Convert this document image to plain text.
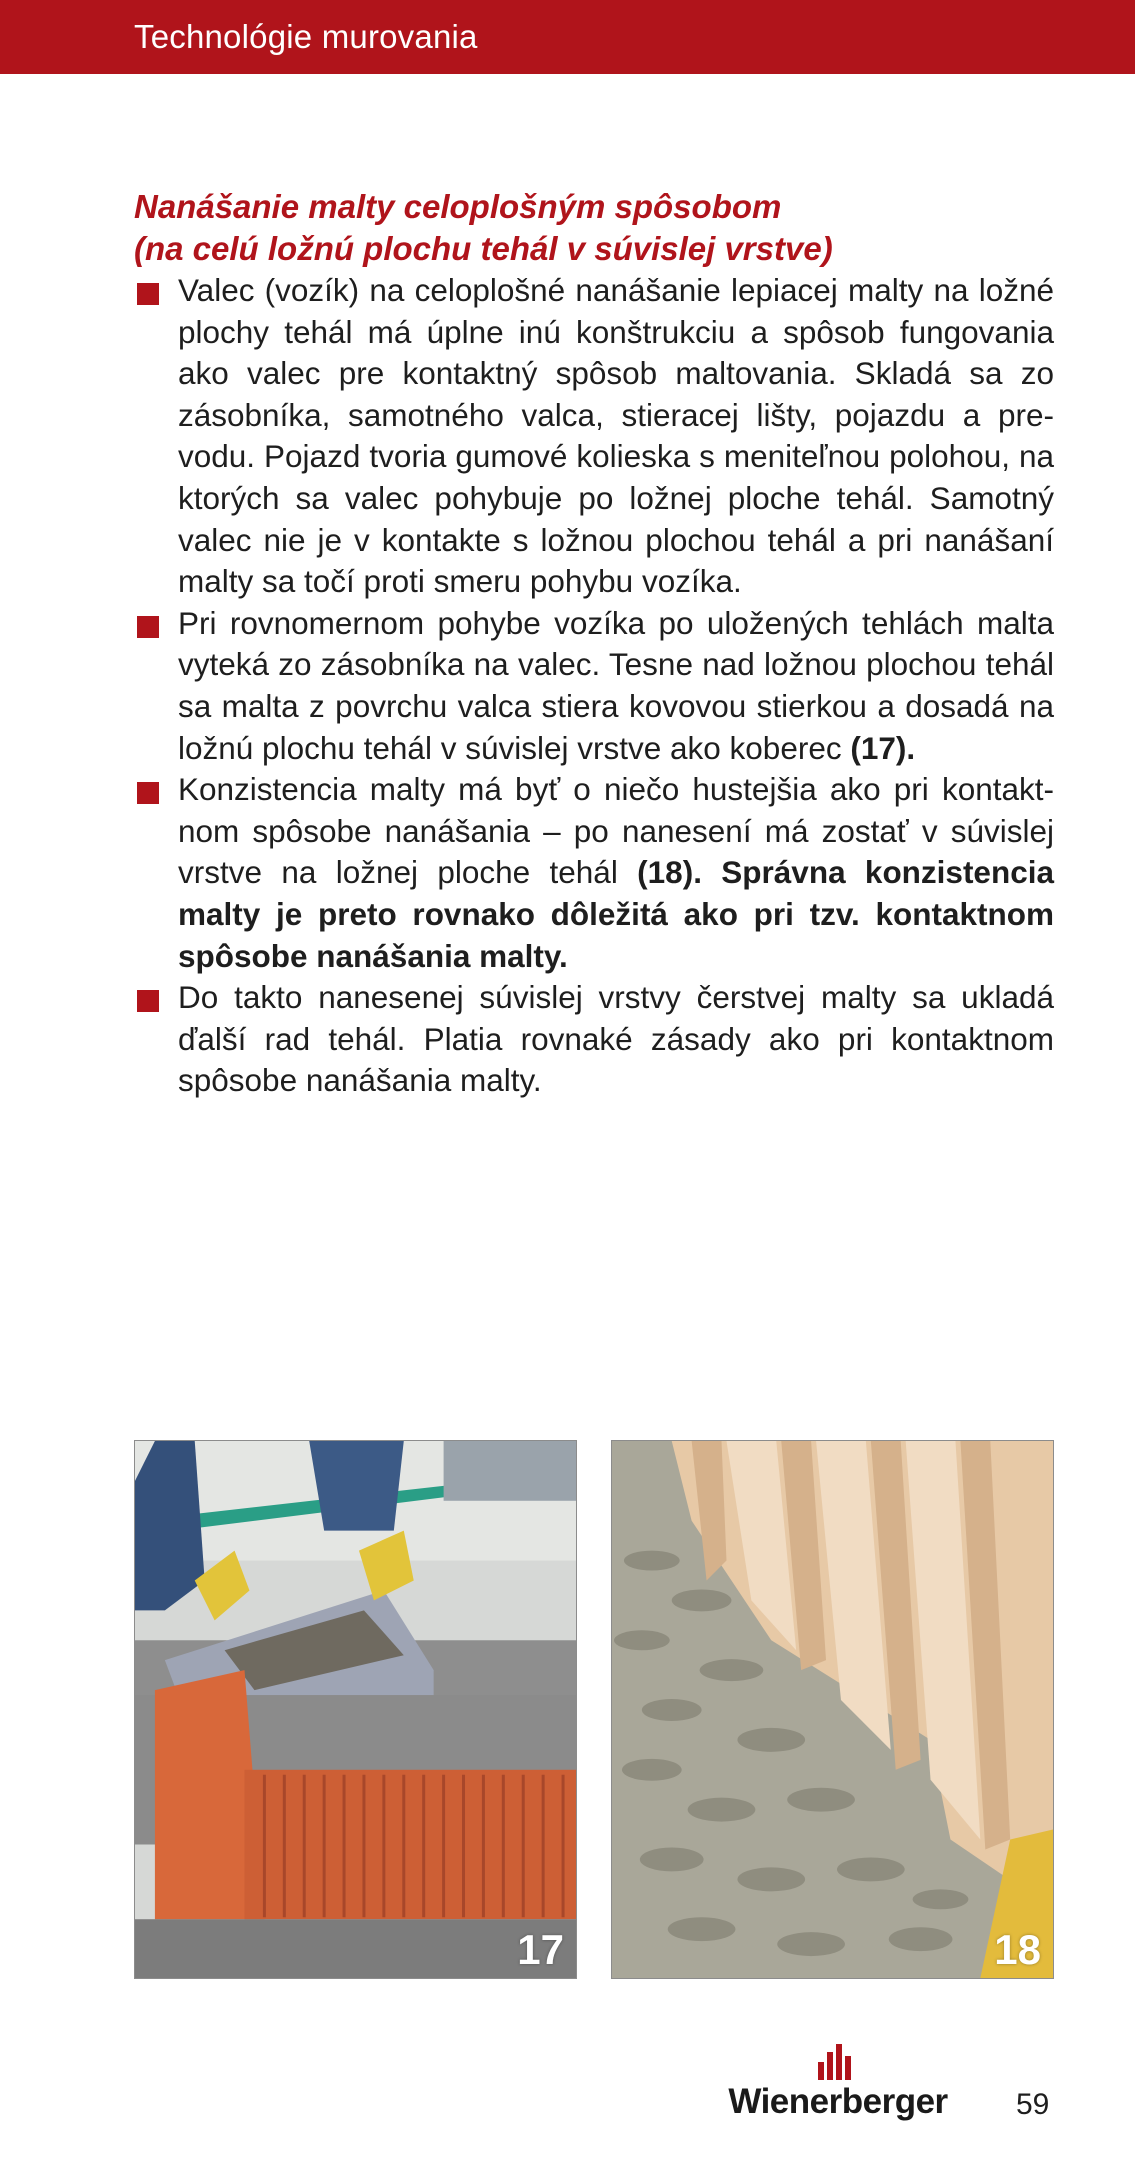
Technológie murovania
Nanášanie malty celoplošným spôsobom
(na celú ložnú plochu tehál v súvislej vrstve)
Valec (vozík) na celoplošné nanášanie lepiacej malty na ložné plochy tehál má úplne inú konštrukciu a spôsob fungovania ako valec pre kontaktný spôsob maltovania. Skladá sa zo zásobníka, samotného valca, stieracej lišty, pojazdu a prevodu. Pojazd tvoria gumové kolieska s meniteľnou polohou, na ktorých sa valec pohybuje po ložnej ploche tehál. Samotný valec nie je v kontakte s ložnou plochou tehál a pri nanášaní malty sa točí proti smeru pohybu vozíka.
Pri rovnomernom pohybe vozíka po uložených tehlách malta vyteká zo zásobníka na valec. Tesne nad ložnou plochou tehál sa malta z povrchu valca stiera kovovou stierkou a dosadá na ložnú plochu tehál v súvislej vrstve ako koberec (17).
Konzistencia malty má byť o niečo hustejšia ako pri kontaktnom spôsobe nanášania – po nanesení má zostať v súvislej vrstve na ložnej ploche tehál (18). Správna konzistencia malty je preto rovnako dôležitá ako pri tzv. kontaktnom spôsobe nanášania malty.
Do takto nanesenej súvislej vrstvy čerstvej malty sa ukladá ďalší rad tehál. Platia rovnaké zásady ako pri kontaktnom spôsobe nanášania malty.
17	18
Wienerberger	59
